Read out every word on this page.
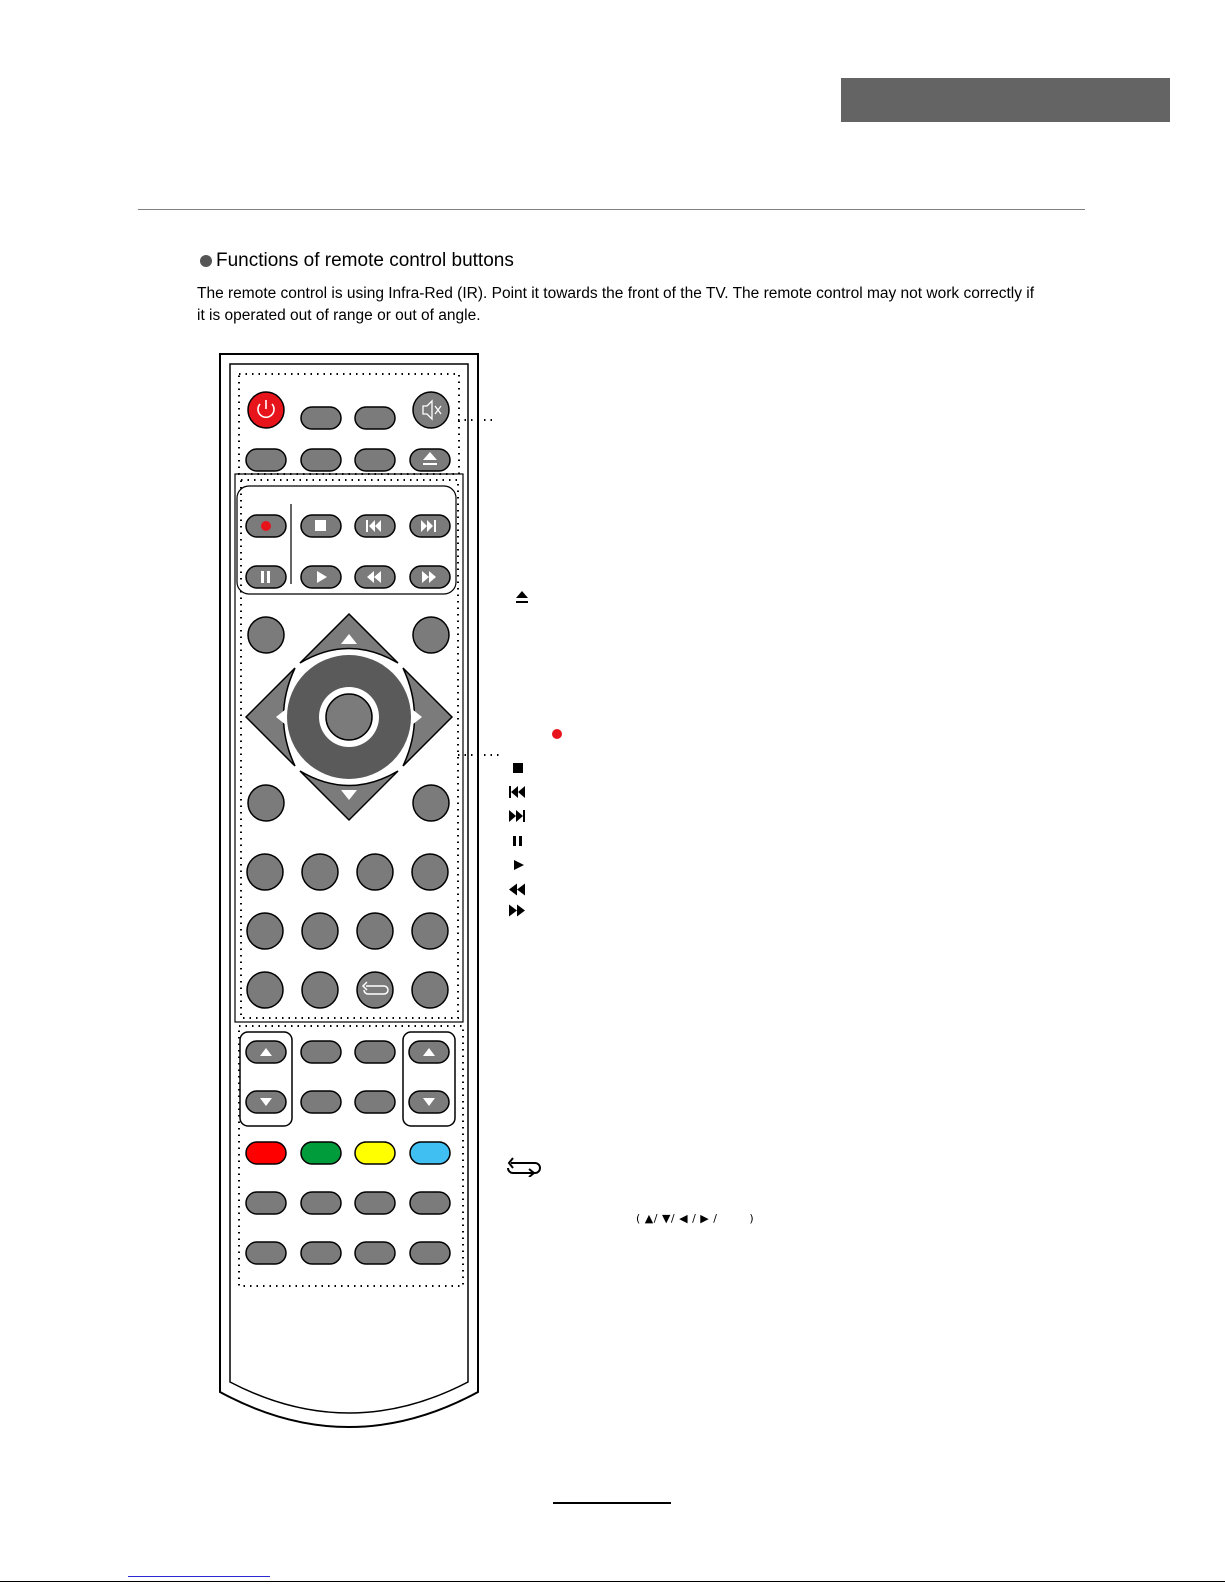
Functions of remote control buttons
The remote control is using Infra-Red (IR). Point it towards the front of the TV. The remote control may not work correctly if it is operated out of range or out of angle.
( ▲/ ▼/ ◀ / ▶ /        )
